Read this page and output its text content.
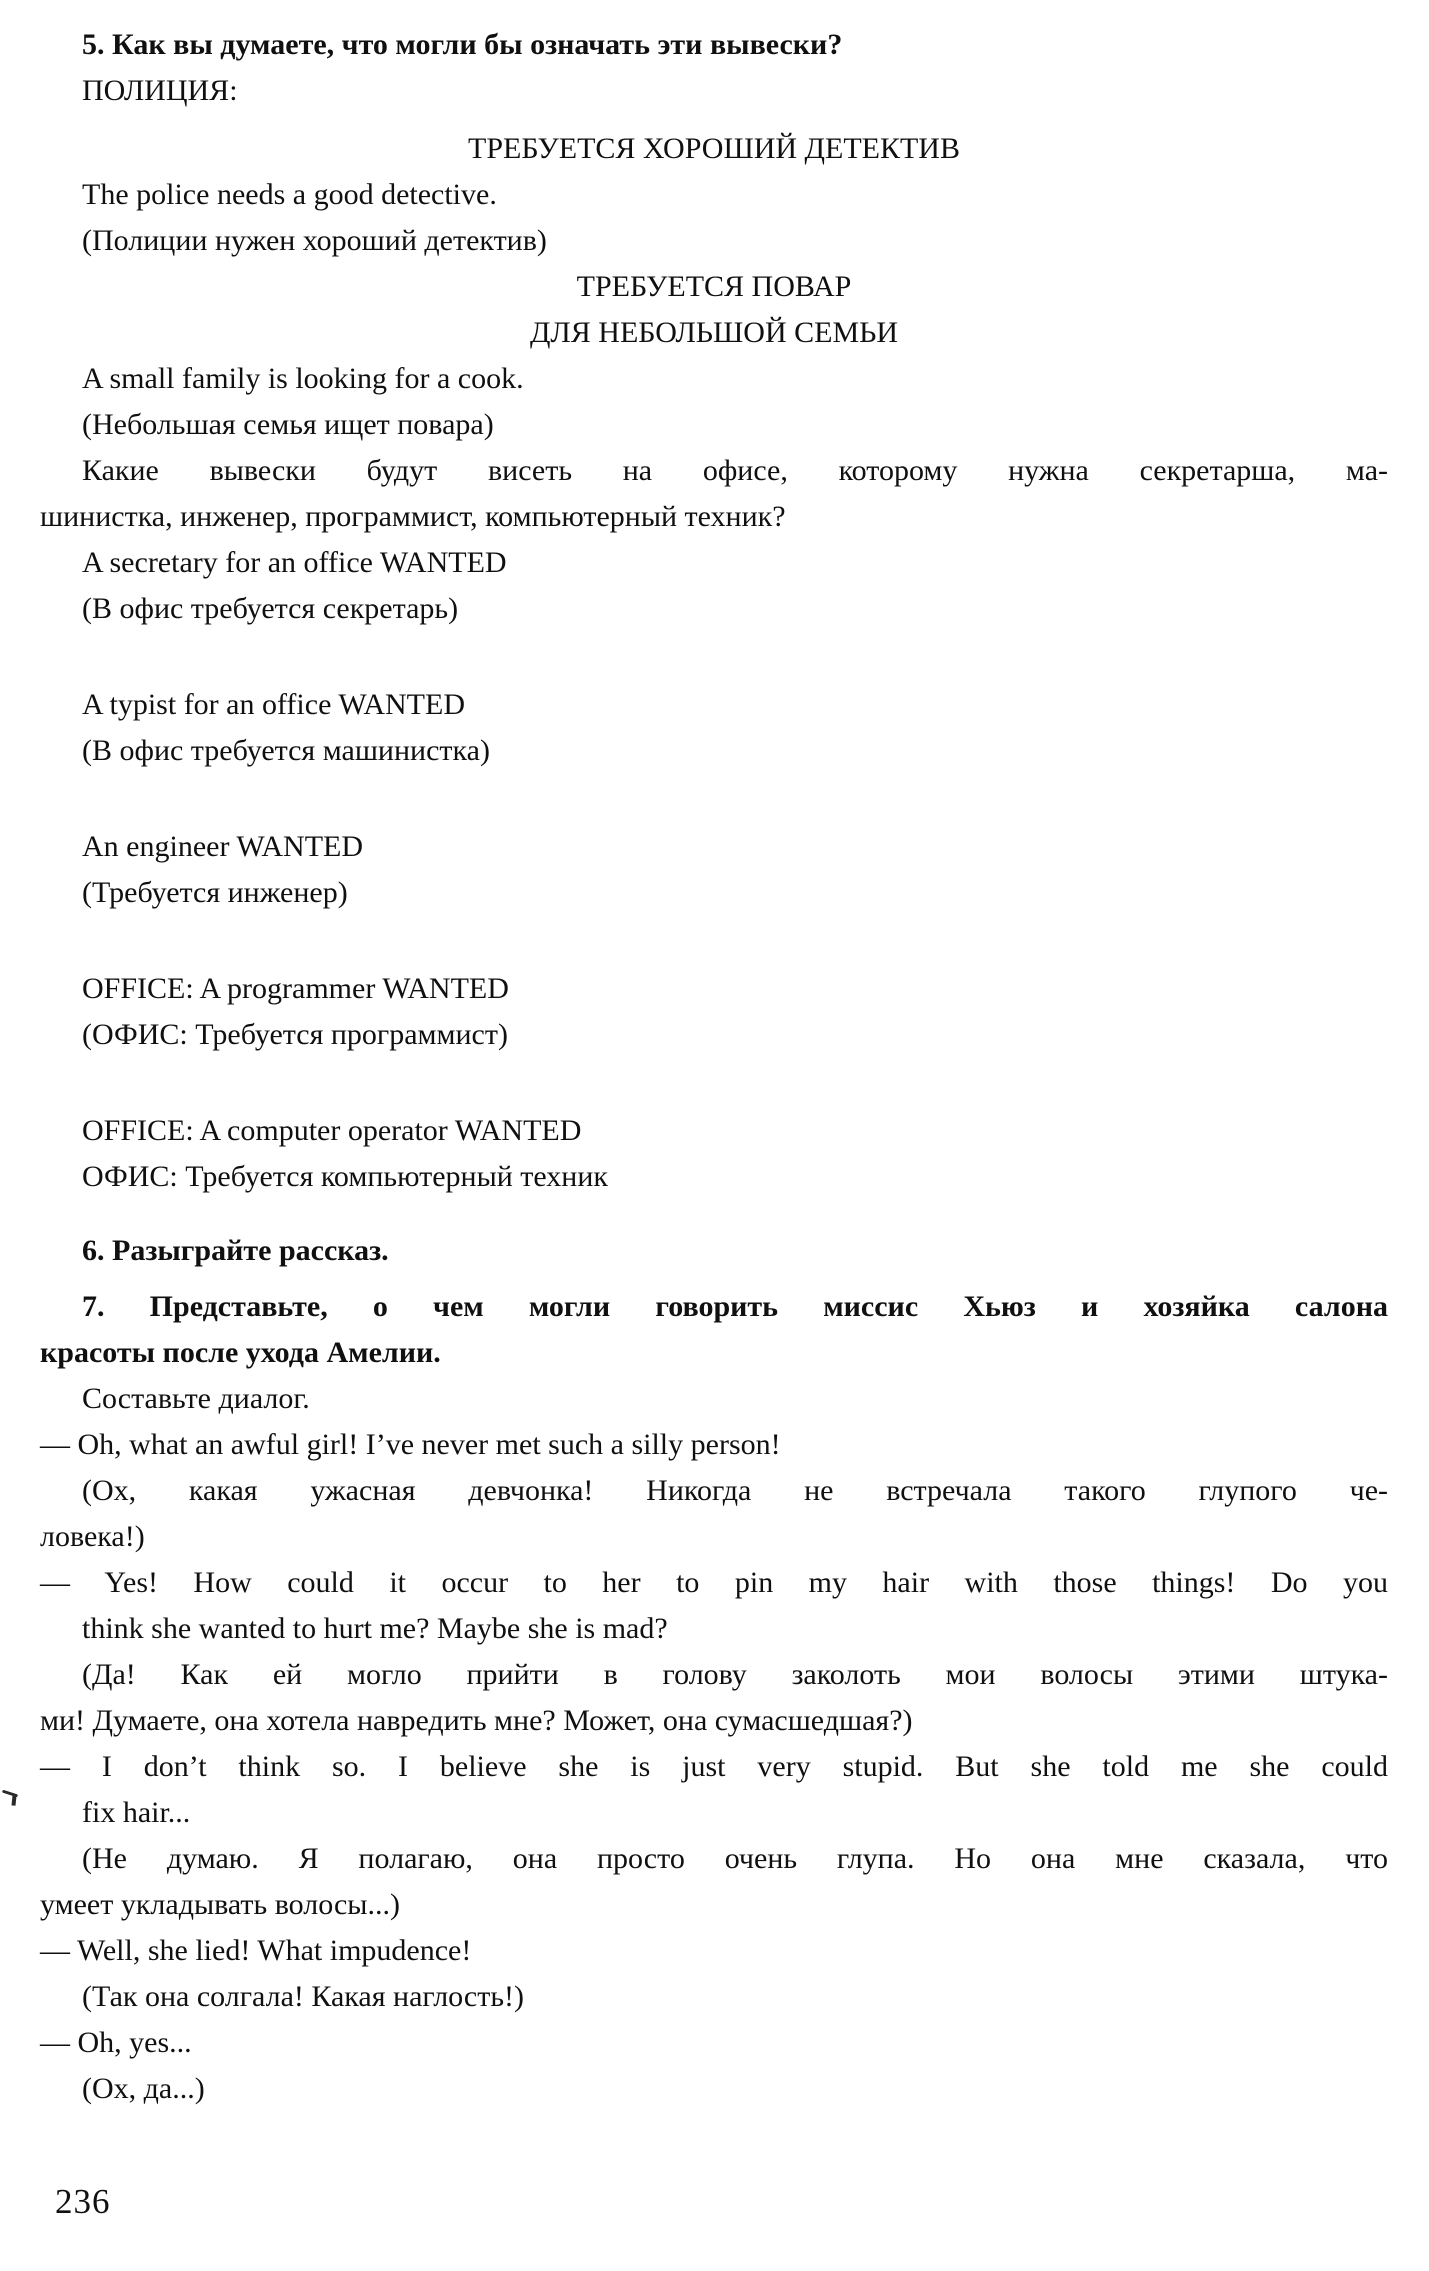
5. Как вы думаете, что могли бы означать эти вывески?
ПОЛИЦИЯ:
ТРЕБУЕТСЯ ХОРОШИЙ ДЕТЕКТИВ
The police needs a good detective.
(Полиции нужен хороший детектив)
ТРЕБУЕТСЯ ПОВАР
ДЛЯ НЕБОЛЬШОЙ СЕМЬИ
A small family is looking for a cook.
(Небольшая семья ищет повара)
Какие вывески будут висеть на офисе, которому нужна секретарша, ма-
шинистка, инженер, программист, компьютерный техник?
A secretary for an office WANTED
(В офис требуется секретарь)
A typist for an office WANTED
(В офис требуется машинистка)
An engineer WANTED
(Требуется инженер)
OFFICE: A programmer WANTED
(ОФИС: Требуется программист)
OFFICE: A computer operator WANTED
ОФИС: Требуется компьютерный техник
6. Разыграйте рассказ.
7. Представьте, о чем могли говорить миссис Хьюз и хозяйка салона
красоты после ухода Амелии.
Составьте диалог.
— Oh, what an awful girl! I’ve never met such a silly person!
(Ох, какая ужасная девчонка! Никогда не встречала такого глупого че-
ловека!)
— Yes! How could it occur to her to pin my hair with those things! Do you
think she wanted to hurt me? Maybe she is mad?
(Да! Как ей могло прийти в голову заколоть мои волосы этими штука-
ми! Думаете, она хотела навредить мне? Может, она сумасшедшая?)
— I don’t think so. I believe she is just very stupid. But she told me she could
fix hair...
(Не думаю. Я полагаю, она просто очень глупа. Но она мне сказала, что
умеет укладывать волосы...)
— Well, she lied! What impudence!
(Так она солгала! Какая наглость!)
— Oh, yes...
(Ох, да...)
236
